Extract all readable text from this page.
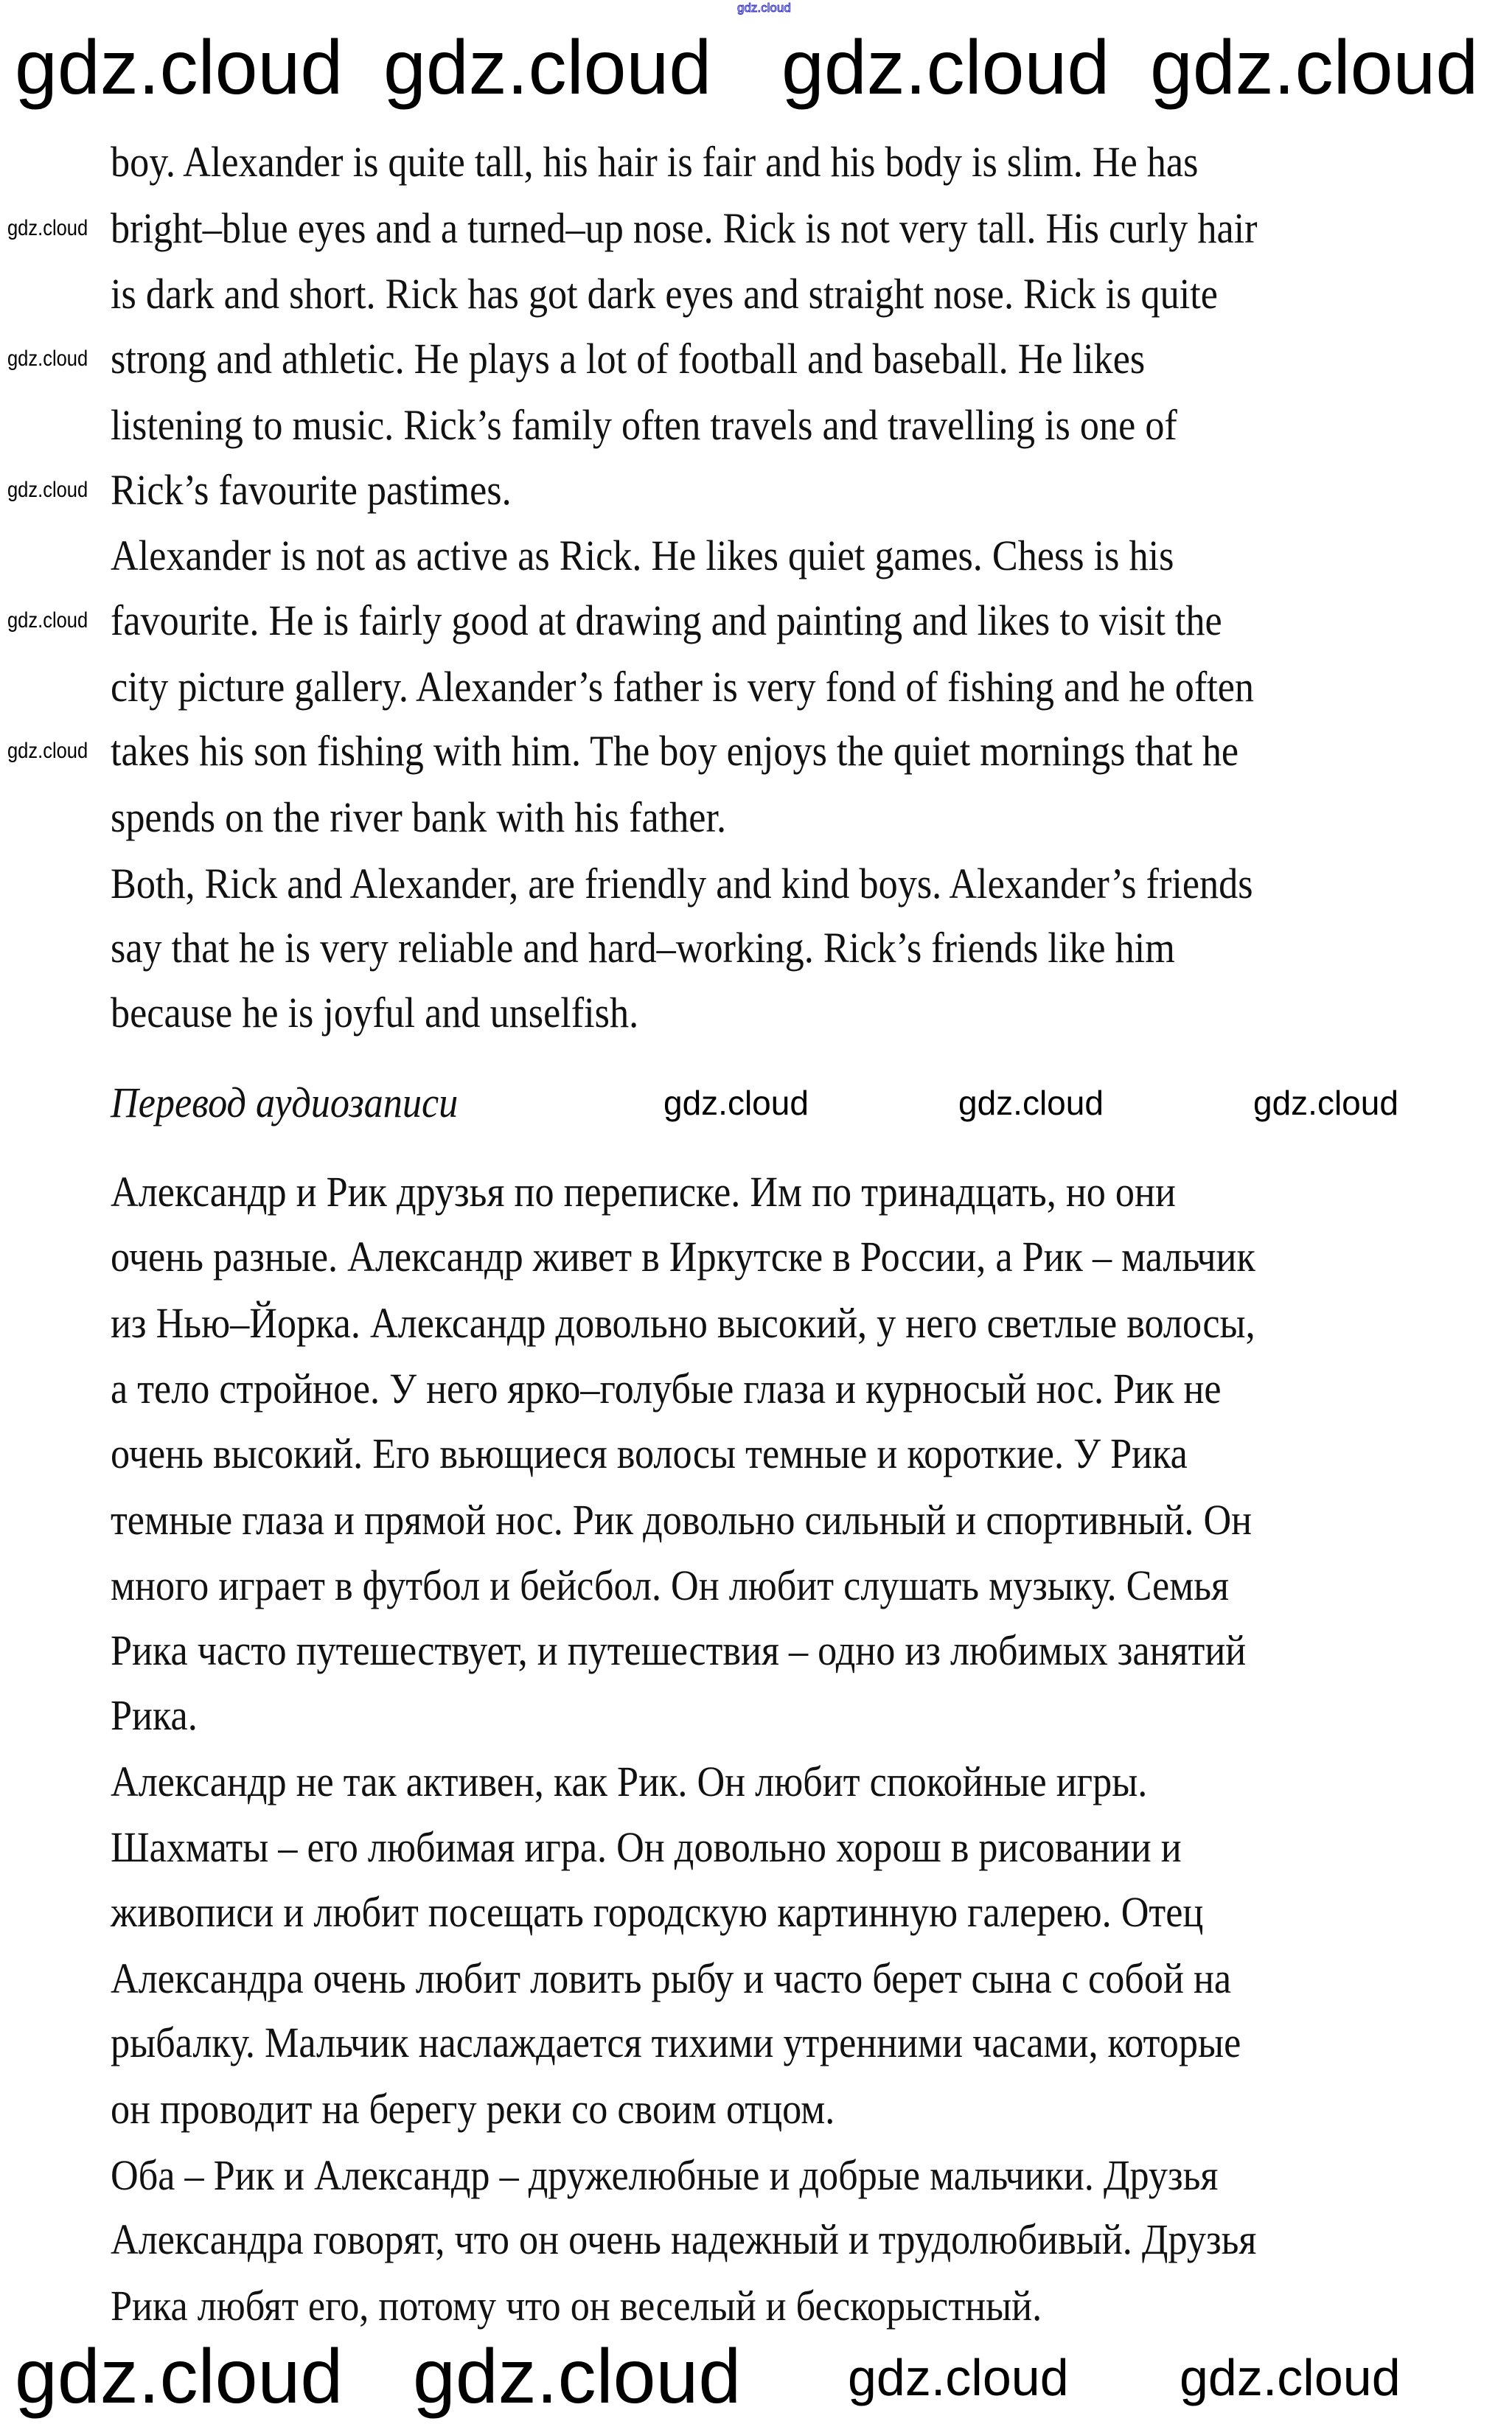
gdz.cloud
boy. Alexander is quite tall, his hair is fair and his body is slim. He has
bright–blue eyes and a turned–up nose. Rick is not very tall. His curly hair
is dark and short. Rick has got dark eyes and straight nose. Rick is quite
strong and athletic. He plays a lot of football and baseball. He likes
listening to music. Rick’s family often travels and travelling is one of
Rick’s favourite pastimes.
Alexander is not as active as Rick. He likes quiet games. Chess is his
favourite. He is fairly good at drawing and painting and likes to visit the
city picture gallery. Alexander’s father is very fond of fishing and he often
takes his son fishing with him. The boy enjoys the quiet mornings that he
spends on the river bank with his father.
Both, Rick and Alexander, are friendly and kind boys. Alexander’s friends
say that he is very reliable and hard–working. Rick’s friends like him
because he is joyful and unselfish.
Перевод аудиозаписи
Александр и Рик друзья по переписке. Им по тринадцать, но они
очень разные. Александр живет в Иркутске в России, а Рик – мальчик
из Нью–Йорка. Александр довольно высокий, у него светлые волосы,
а тело стройное. У него ярко–голубые глаза и курносый нос. Рик не
очень высокий. Его вьющиеся волосы темные и короткие. У Рика
темные глаза и прямой нос. Рик довольно сильный и спортивный. Он
много играет в футбол и бейсбол. Он любит слушать музыку. Семья
Рика часто путешествует, и путешествия – одно из любимых занятий
Рика.
Александр не так активен, как Рик. Он любит спокойные игры.
Шахматы – его любимая игра. Он довольно хорош в рисовании и
живописи и любит посещать городскую картинную галерею. Отец
Александра очень любит ловить рыбу и часто берет сына с собой на
рыбалку. Мальчик наслаждается тихими утренними часами, которые
он проводит на берегу реки со своим отцом.
Оба – Рик и Александр – дружелюбные и добрые мальчики. Друзья
Александра говорят, что он очень надежный и трудолюбивый. Друзья
Рика любят его, потому что он веселый и бескорыстный.
gdz.cloud
gdz.cloud
gdz.cloud
gdz.cloud
gdz.cloud
gdz.cloud	gdz.cloud
gdz.cloud
gdz.cloud
gdz.cloud
gdz.cloud
gdz.cloud gdz.cloud
gdz.cloud
gdz.cloud gdz.cloud
